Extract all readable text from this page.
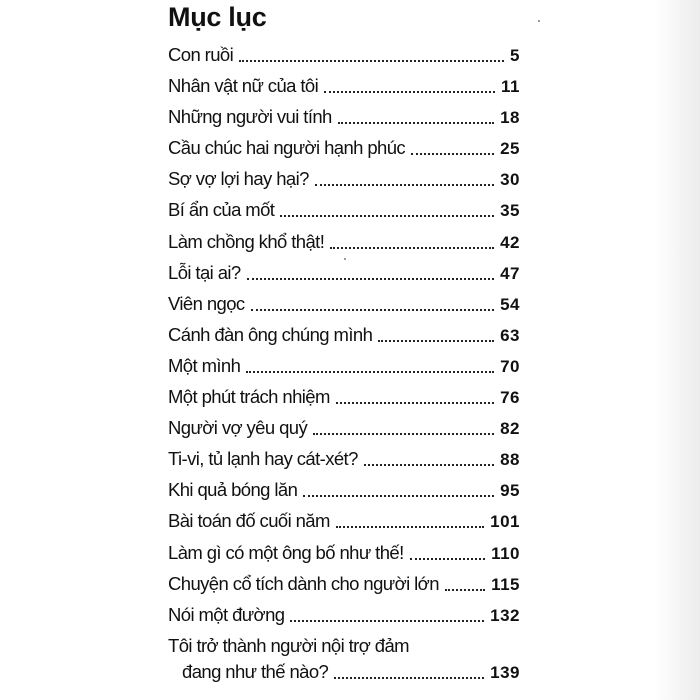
Mục lục
Con ruồi	5
Nhân vật nữ của tôi	11
Những người vui tính	18
Cầu chúc hai người hạnh phúc	25
Sợ vợ lợi hay hại?	30
Bí ẩn của mốt	35
Làm chồng khổ thật!	42
Lỗi tại ai?	47
Viên ngọc	54
Cánh đàn ông chúng mình	63
Một mình	70
Một phút trách nhiệm	76
Người vợ yêu quý	82
Ti-vi, tủ lạnh hay cát-xét?	88
Khi quả bóng lăn	95
Bài toán đố cuối năm	101
Làm gì có một ông bố như thế!	110
Chuyện cổ tích dành cho người lớn	115
Nói một đường	132
Tôi trở thành người nội trợ đảm
đang như thế nào?	139
